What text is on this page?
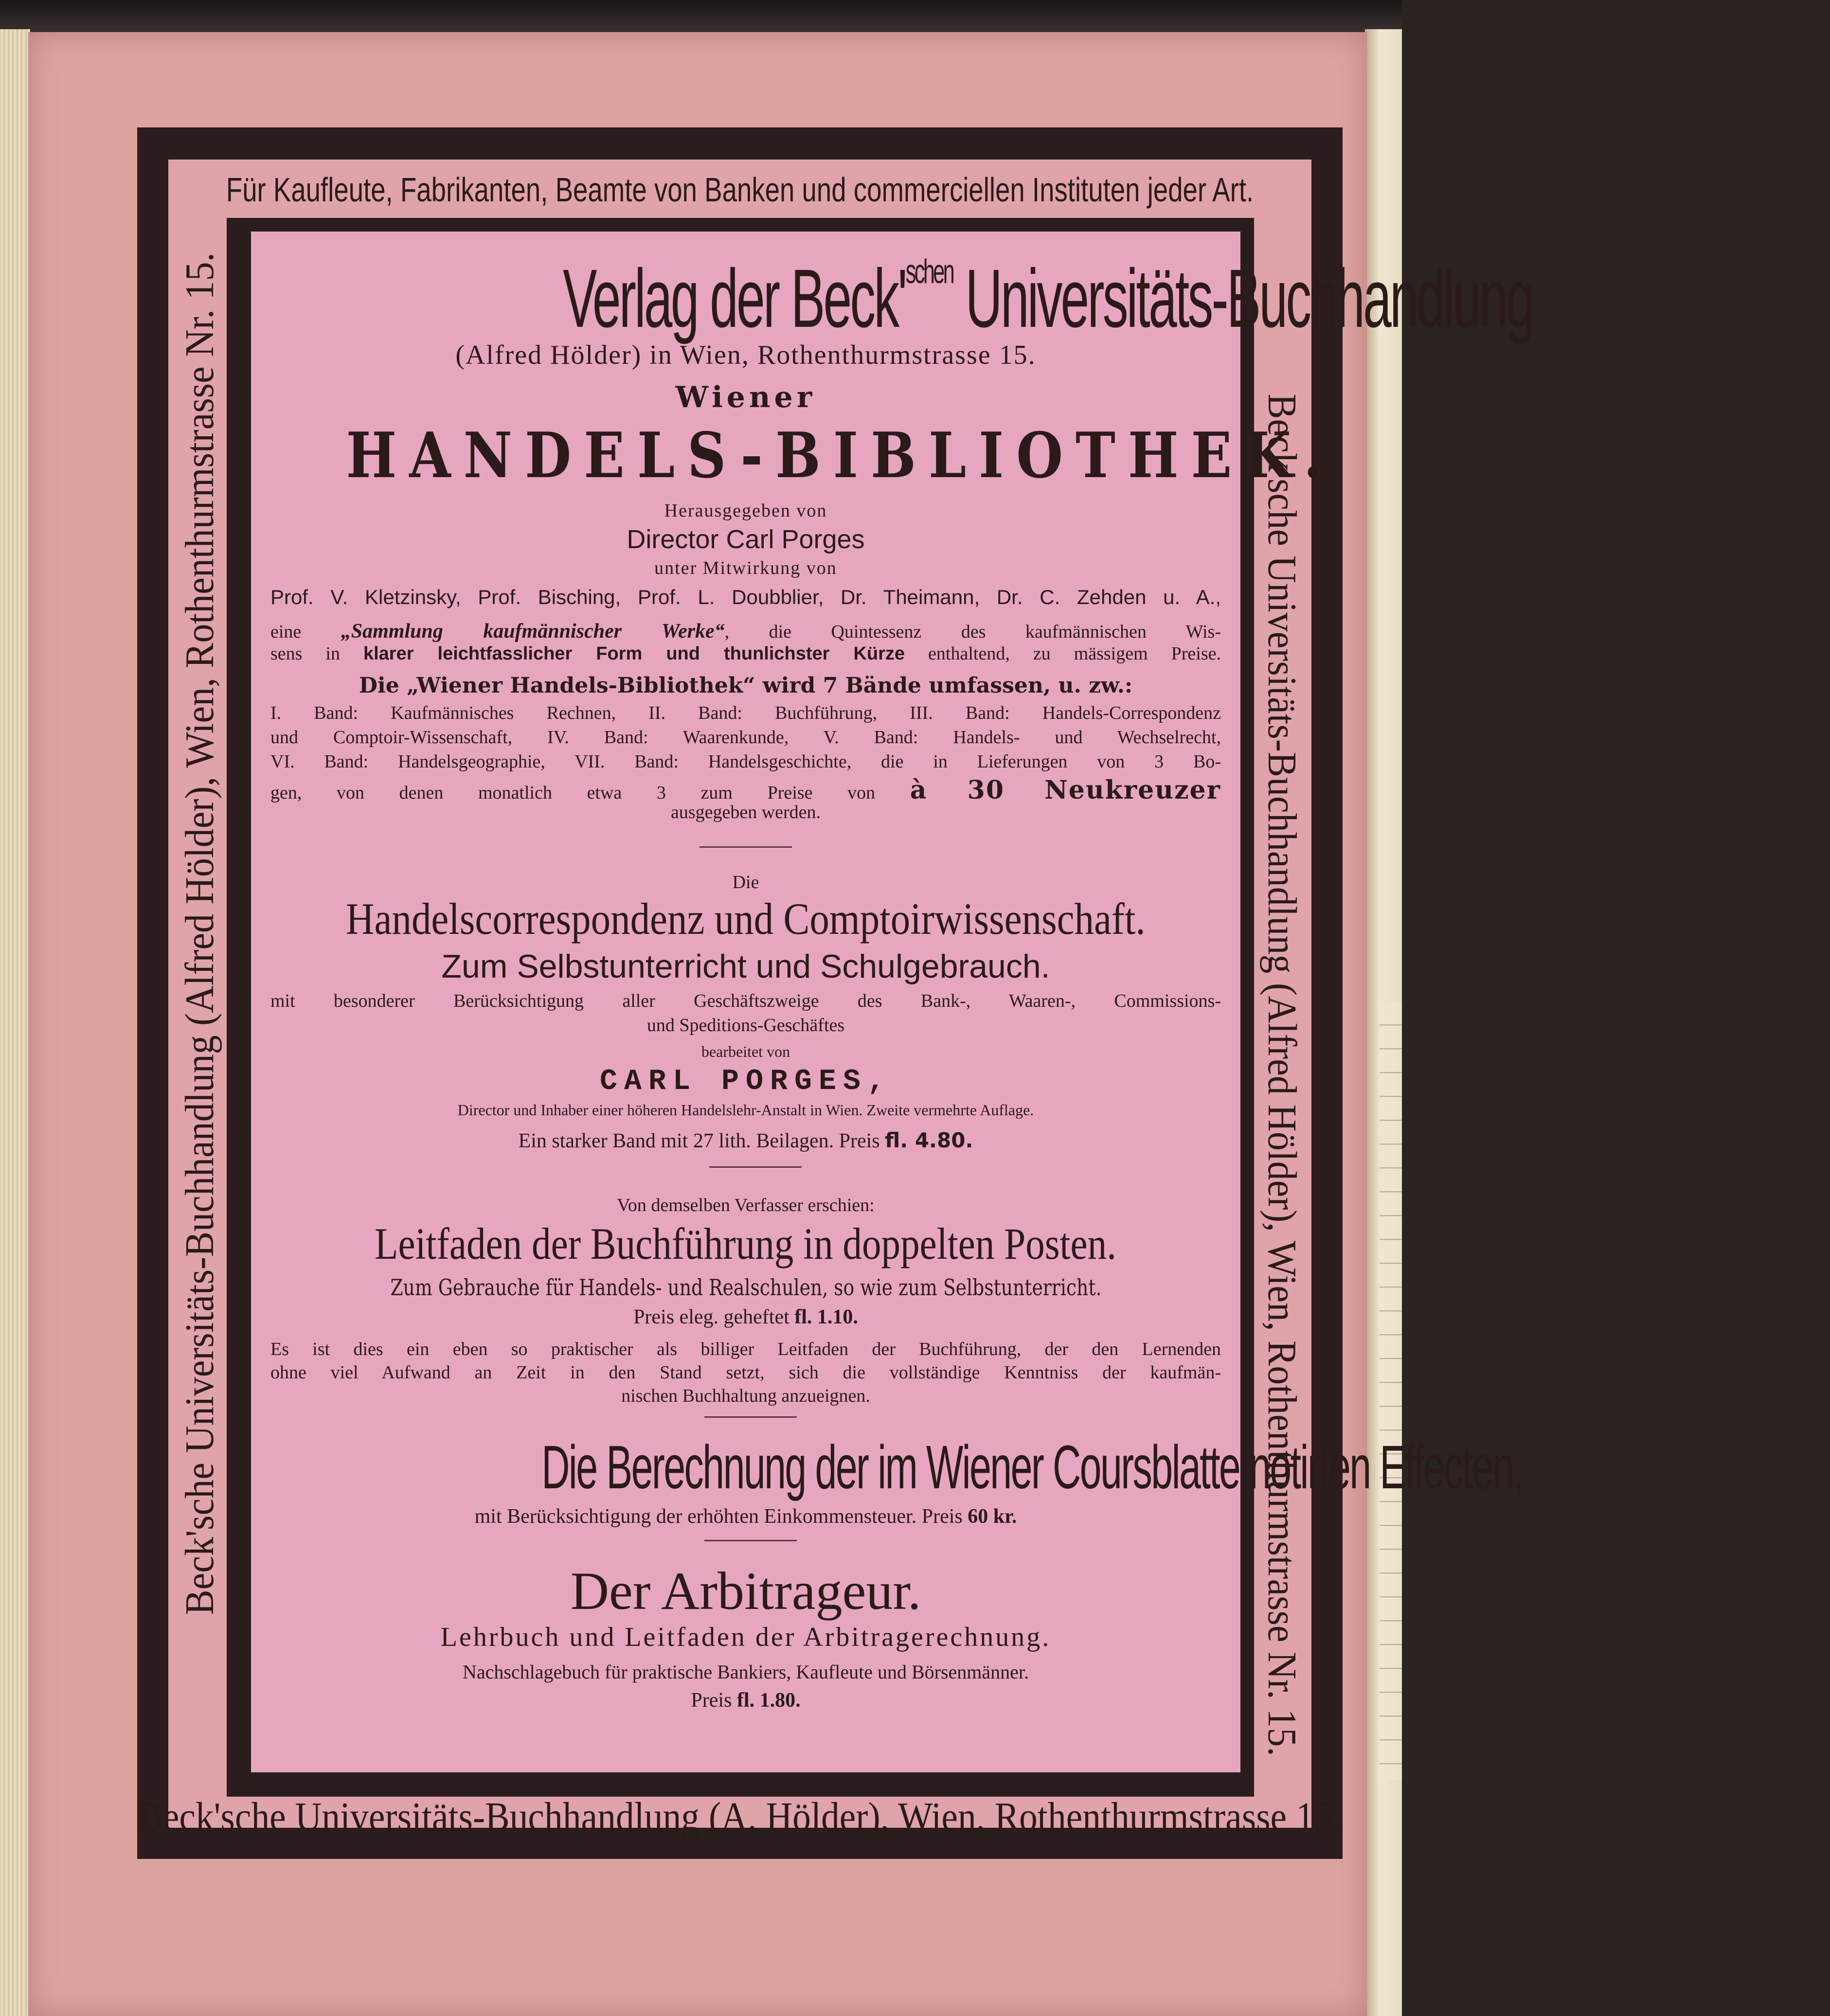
Für Kaufleute, Fabrikanten, Beamte von Banken und commerciellen Instituten jeder Art.
Beck'sche Universitäts-Buchhandlung (Alfred Hölder), Wien, Rothenthurmstrasse Nr. 15.	Beck'sche Universitäts-Buchhandlung (Alfred Hölder), Wien, Rothenthurmstrasse Nr. 15.
Beck'sche Universitäts-Buchhandlung (A. Hölder), Wien, Rothenthurmstrasse 15.
Verlag der $Beck'^{schen}$ Universitäts-Buchhandlung
(Alfred Hölder) in Wien, Rothenthurmstrasse 15.
Wiener
HANDELS-BIBLIOTHEK.
Herausgegeben von
Director Carl Porges
unter Mitwirkung von
Prof. V. Kletzinsky, Prof. Bisching, Prof. L. Doubblier, Dr. Theimann, Dr. C. Zehden u. A.,
eine „Sammlung kaufmännischer Werke“, die Quintessenz des kaufmännischen Wis-
sens in klarer leichtfasslicher Form und thunlichster Kürze enthaltend, zu mässigem Preise.
Die „Wiener Handels-Bibliothek“ wird 7 Bände umfassen, u. zw.:
I. Band: Kaufmännisches Rechnen, II. Band: Buchführung, III. Band: Handels-Correspondenz
und Comptoir-Wissenschaft, IV. Band: Waarenkunde, V. Band: Handels- und Wechselrecht,
VI. Band: Handelsgeographie, VII. Band: Handelsgeschichte, die in Lieferungen von 3 Bo-
gen, von denen monatlich etwa 3 zum Preise von à 30 Neukreuzer
ausgegeben werden.
Die
Handelscorrespondenz und Comptoirwissenschaft.
Zum Selbstunterricht und Schulgebrauch.
mit besonderer Berücksichtigung aller Geschäftszweige des Bank-, Waaren-, Commissions-
und Speditions-Geschäftes
bearbeitet von
CARL PORGES,
Director und Inhaber einer höheren Handelslehr-Anstalt in Wien. Zweite vermehrte Auflage.
Ein starker Band mit 27 lith. Beilagen. Preis fl. 4.80.
Von demselben Verfasser erschien:
Leitfaden der Buchführung in doppelten Posten.
Zum Gebrauche für Handels- und Realschulen, so wie zum Selbstunterricht.
Preis eleg. geheftet fl. 1.10.
Es ist dies ein eben so praktischer als billiger Leitfaden der Buchführung, der den Lernenden
ohne viel Aufwand an Zeit in den Stand setzt, sich die vollständige Kenntniss der kaufmän-
nischen Buchhaltung anzueignen.
Die Berechnung der im Wiener Coursblatte notirten Effecten,
mit Berücksichtigung der erhöhten Einkommensteuer. Preis 60 kr.
Der Arbitrageur.
Lehrbuch und Leitfaden der Arbitragerechnung.
Nachschlagebuch für praktische Bankiers, Kaufleute und Börsenmänner.
Preis fl. 1.80.
